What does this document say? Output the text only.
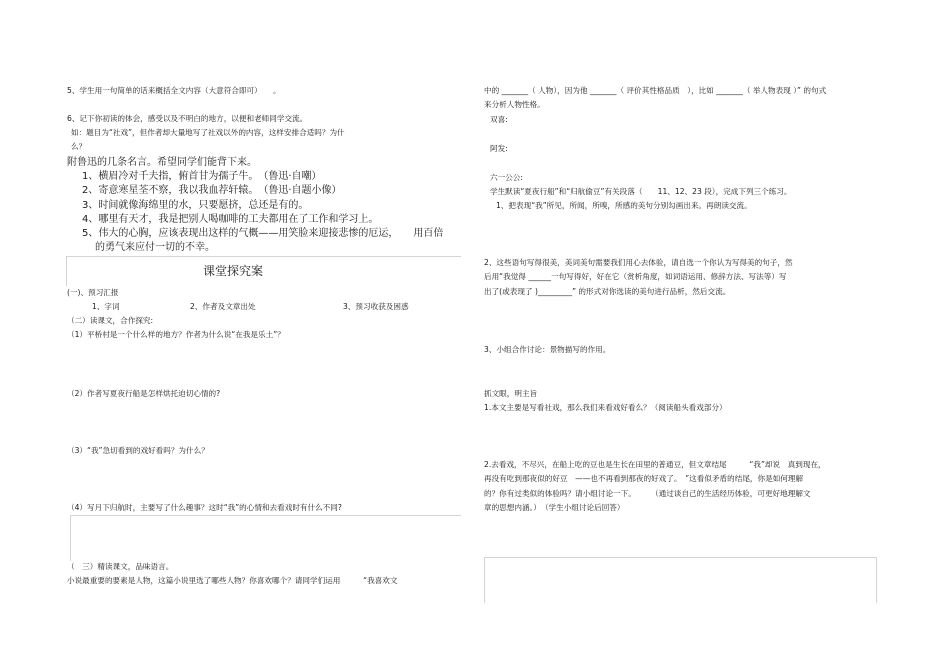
5、学生用一句简单的话来概括全文内容（大意符合即可）　　。
6、记下你初读的体会，感受以及不明白的地方，以便和老师同学交流。
如：题目为“社戏”，但作者却大量地写了社戏以外的内容，这样安排合适吗？为什
么？
附鲁迅的几条名言。希望同学们能背下来。
1、横眉冷对千夫指，俯首甘为孺子牛。　（鲁迅·自嘲）
2、寄意寒星荃不察，我以我血荐轩辕。　（鲁迅·自题小像）
3、时间就像海绵里的水，只要愿挤，总还是有的。
4、哪里有天才，我是把别人喝咖啡的工夫都用在了工作和学习上。
5、伟大的心胸，应该表现出这样的气概——用笑脸来迎接悲惨的厄运，　　用百倍
的勇气来应付一切的不幸。
课堂探究案
(一)、预习汇报
1、字词	2、作者及文章出处	3、预习收获及困惑
（二）读课文，合作探究:
（1）平桥村是一个什么样的地方？作者为什么说“在我是乐土”？
（2）作者写夏夜行船是怎样烘托迫切心情的?
（3）“我”急切看到的戏好看吗？为什么？
（4）写月下归航时，主要写了什么趣事？这时“我”的心情和去看戏时有什么不同?
（　三）精读课文，品味语言。
小说最重要的要素是人物，这篇小说里选了哪些人物？你喜欢哪个？请同学们运用　　　“我喜欢文
中的 _______（ 人物），因为他 _______（ 评价其性格品质　），比如 _______（ 举人物表现 ）” 的句式
来分析人物性格。
双喜:
阿发:
六一公公:
学生默读“夏夜行船”和“归航偷豆”有关段落（　　11、12、23 段），完成下列三个练习。
1、把表现“我”所见，所闻，所嗅，所感的美句分别勾画出来。再朗读交流。
2、这些语句写得很美，美词美句需要我们用心去体验，请自选一个你认为写得美的句子，然
后用“我觉得 ______一句写得好，好在它（赏析角度，如词语运用、修辞方法、写法等）写
出了(或表现了 )_________” 的形式对你选读的美句进行品析，然后交流。
3、小组合作讨论：景物描写的作用。
抓文眼，明主旨
1.本文主要是写看社戏，那么我们来看戏好看么？（阅读船头看戏部分）
2.去看戏，不尽兴，在船上吃的豆也是生长在田里的普通豆，但文章结尾　　　“我”却说　真到现在，
再没有吃到那夜似的好豆　——也不再看到那夜的好戏了。　”这看似矛盾的结尾，你是如何理解
的？你有过类似的体验吗？请小组讨论一下。　　　（通过谈自己的生活经历体验，可更好地理解文
章的思想内涵。）　（学生小组讨论后回答）
